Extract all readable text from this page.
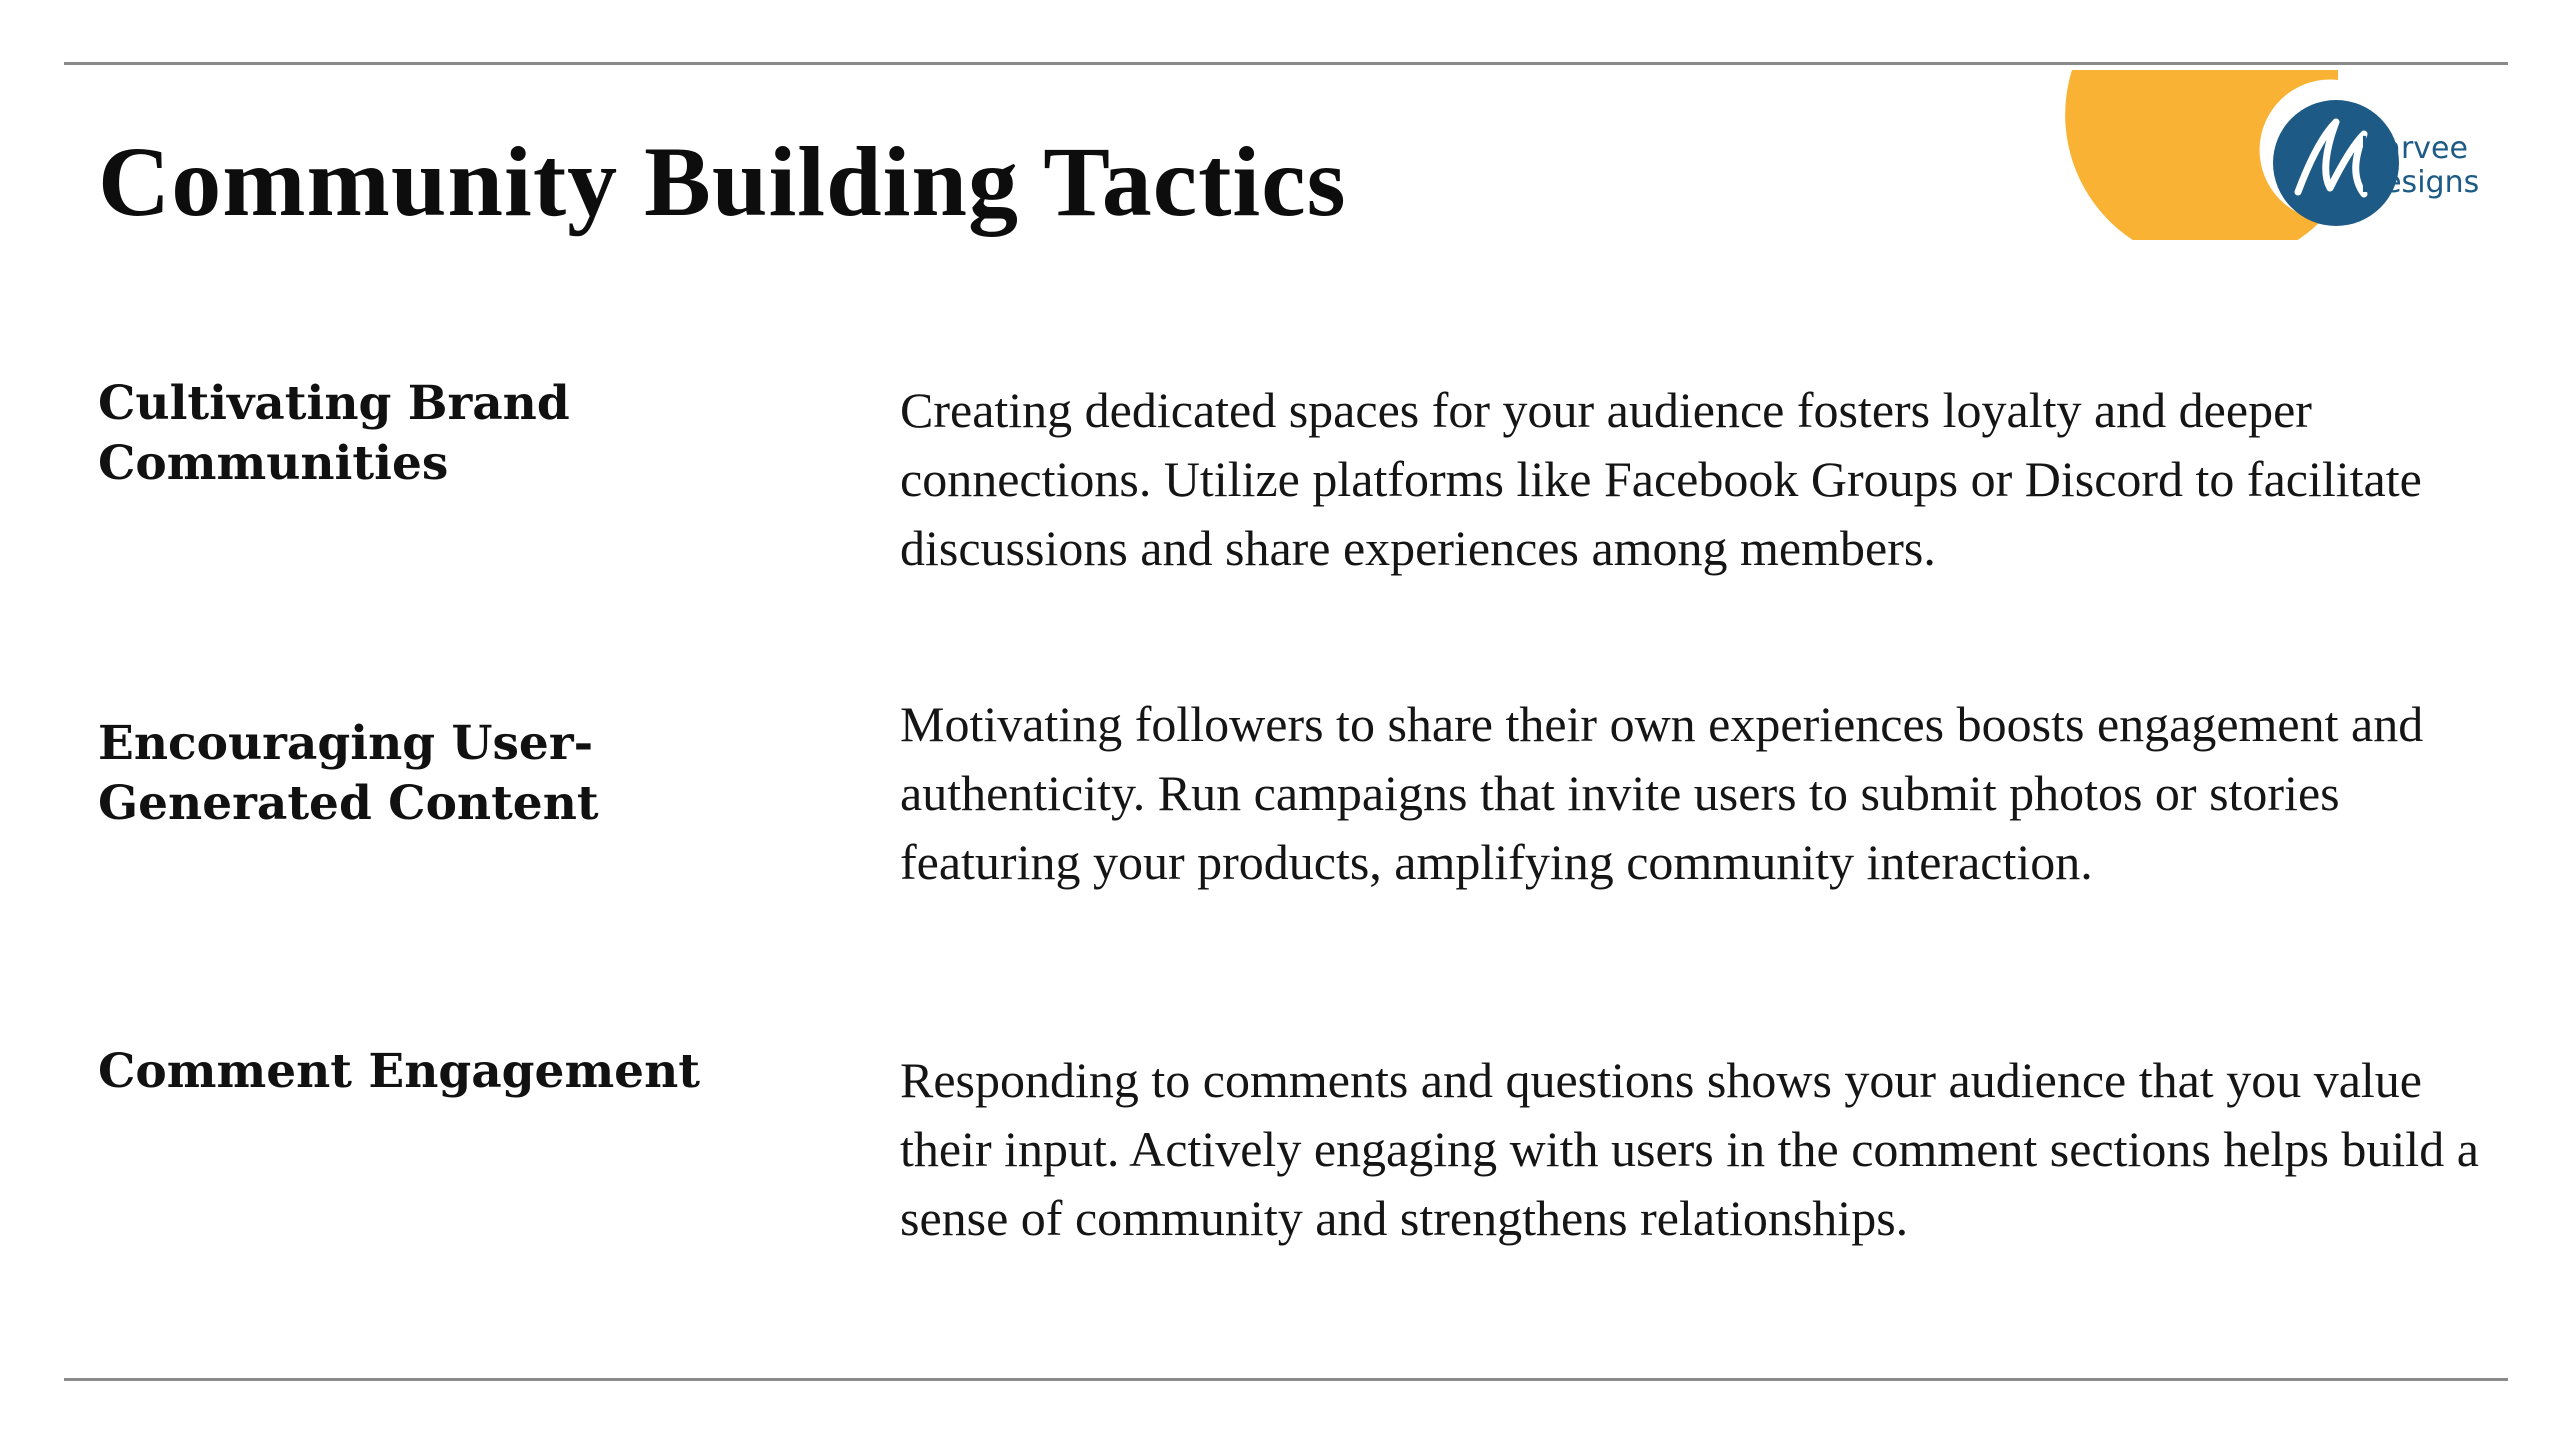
Community Building Tactics	Harvee
Designs
Cultivating Brand Communities

Creating dedicated spaces for your audience fosters loyalty and deeper connections. Utilize platforms like Facebook Groups or Discord to facilitate discussions and share experiences among members.

Encouraging User-Generated Content

Motivating followers to share their own experiences boosts engagement and authenticity. Run campaigns that invite users to submit photos or stories featuring your products, amplifying community interaction.

Comment Engagement	Responding to comments and questions shows your audience that you value their input. Actively engaging with users in the comment sections helps build a sense of community and strengthens relationships.
